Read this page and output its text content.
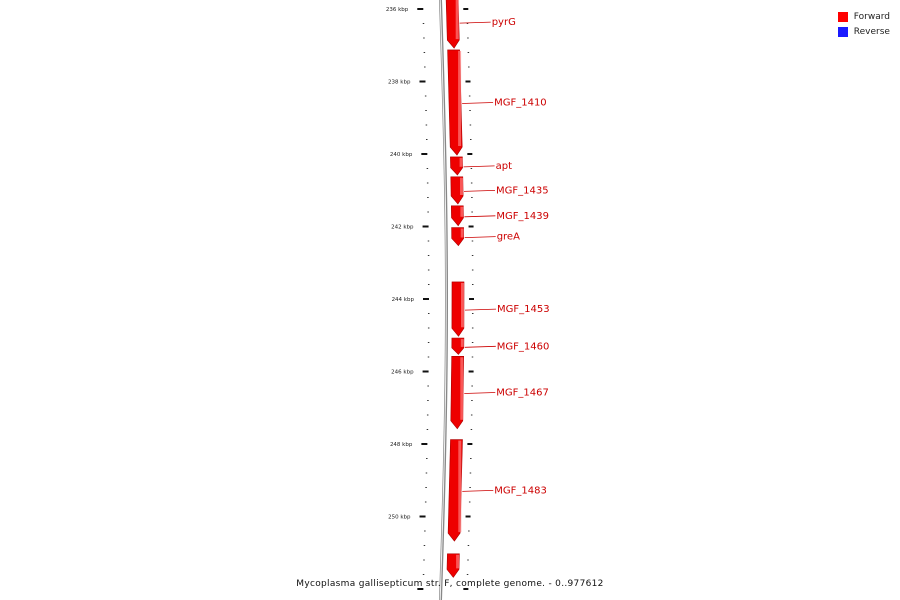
236 kbp
238 kbp
240 kbp
242 kbp
244 kbp
246 kbp
248 kbp
250 kbp
pyrG
MGF_1410
apt
MGF_1435
MGF_1439
greA
MGF_1453
MGF_1460
MGF_1467
MGF_1483
Forward
Reverse
Mycoplasma gallisepticum str. F, complete genome. - 0..977612
